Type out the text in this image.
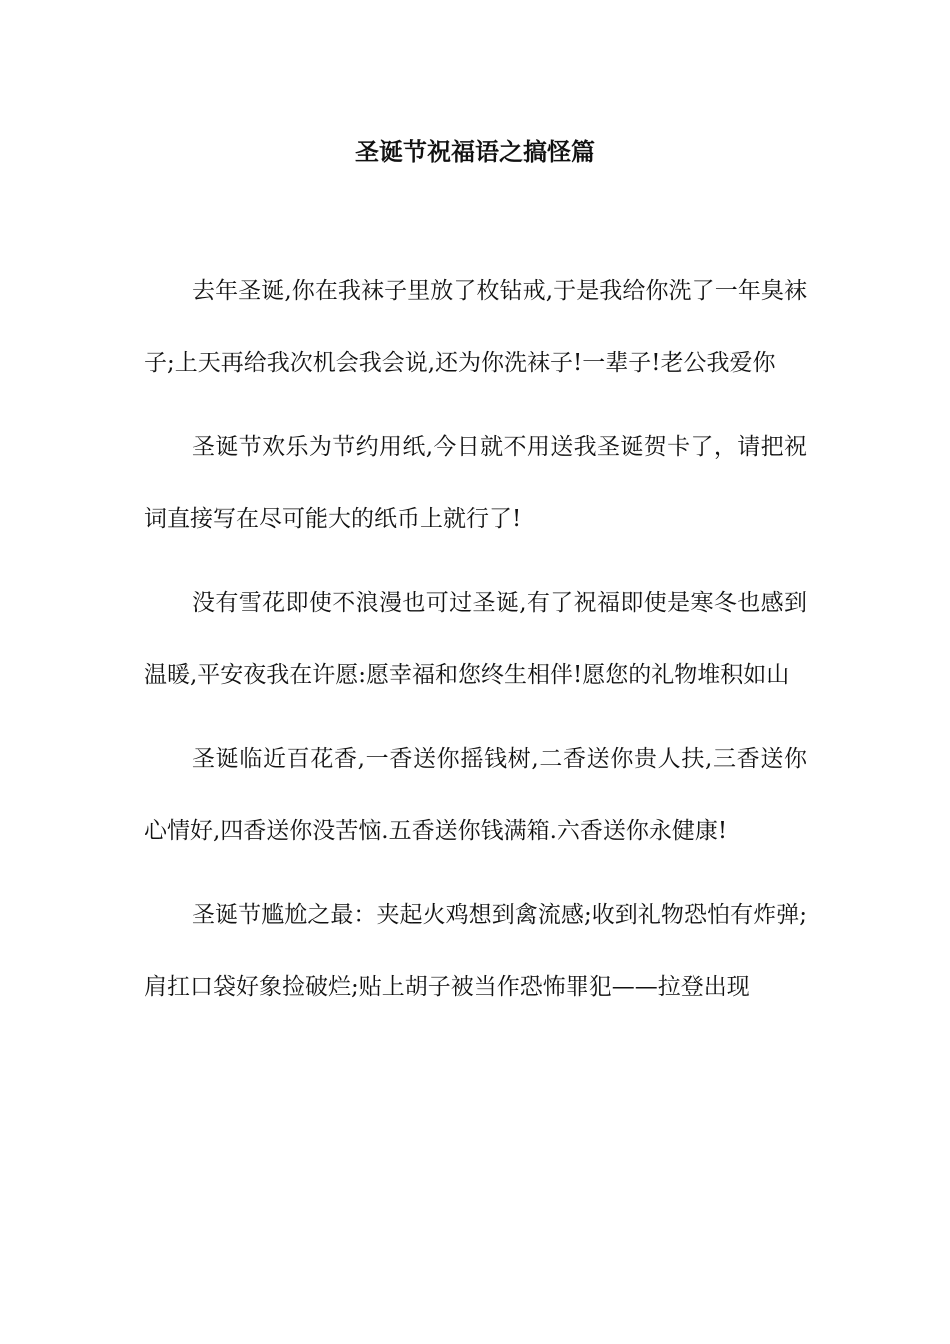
圣诞节祝福语之搞怪篇

去年圣诞,你在我袜子里放了枚钻戒,于是我给你洗了一年臭袜子;上天再给我次机会我会说,还为你洗袜子!一辈子!老公我爱你

圣诞节欢乐为节约用纸,今日就不用送我圣诞贺卡了，请把祝词直接写在尽可能大的纸币上就行了!

没有雪花即使不浪漫也可过圣诞,有了祝福即使是寒冬也感到温暖,平安夜我在许愿:愿幸福和您终生相伴!愿您的礼物堆积如山

圣诞临近百花香,一香送你摇钱树,二香送你贵人扶,三香送你心情好,四香送你没苦恼.五香送你钱满箱.六香送你永健康!

圣诞节尴尬之最：夹起火鸡想到禽流感;收到礼物恐怕有炸弹;肩扛口袋好象捡破烂;贴上胡子被当作恐怖罪犯——拉登出现
